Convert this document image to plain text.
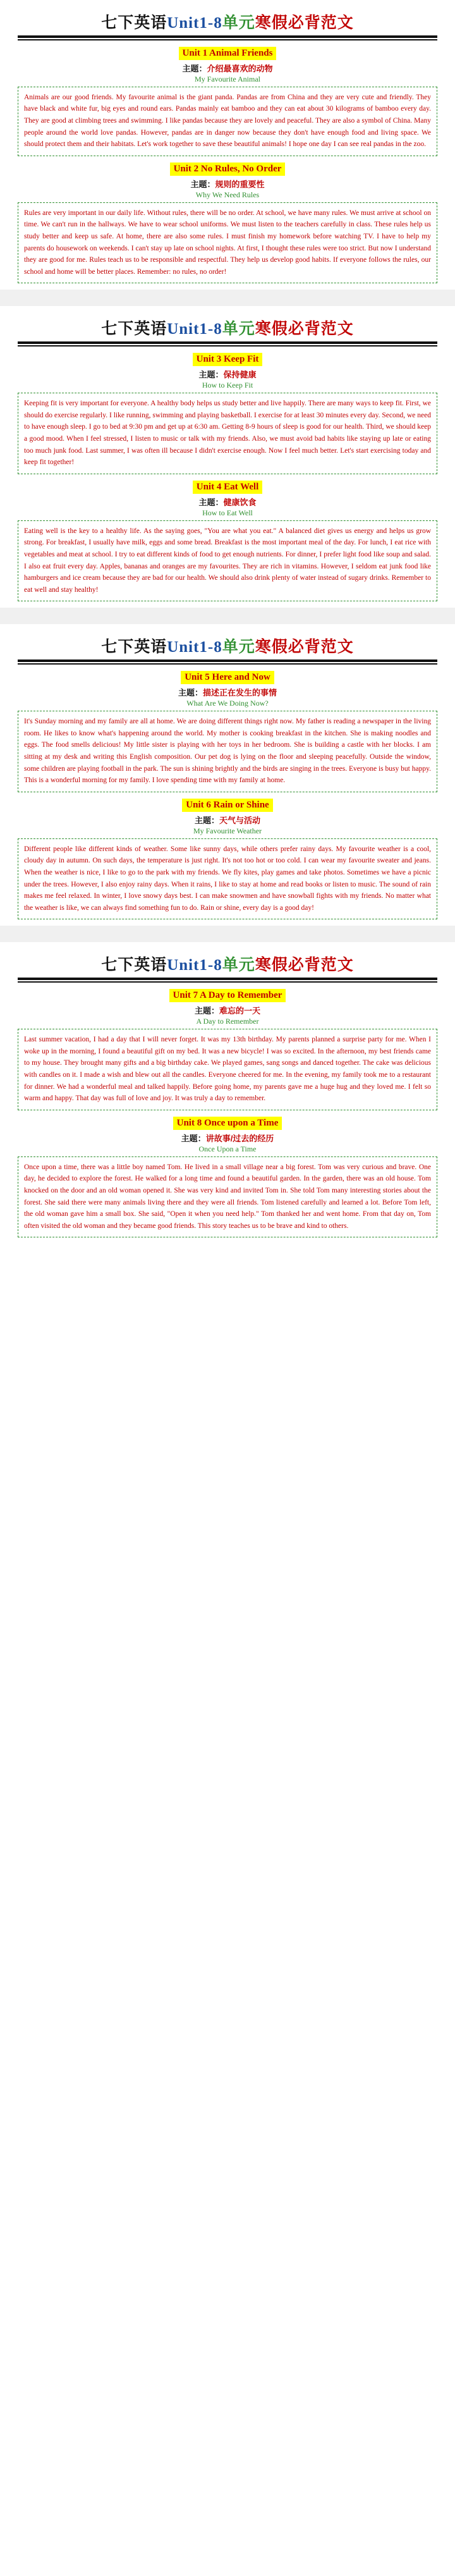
七下英语Unit1-8单元寒假必背范文
Unit 1 Animal Friends
主题：介绍最喜欢的动物
My Favourite Animal

Animals are our good friends. My favourite animal is the giant panda. Pandas are from China and they are very cute and friendly. They have black and white fur, big eyes and round ears. Pandas mainly eat bamboo and they can eat about 30 kilograms of bamboo every day. They are good at climbing trees and swimming. I like pandas because they are lovely and peaceful. They are also a symbol of China. Many people around the world love pandas. However, pandas are in danger now because they don't have enough food and living space. We should protect them and their habitats. Let's work together to save these beautiful animals! I hope one day I can see real pandas in the zoo.

Unit 2 No Rules, No Order
主题：规则的重要性
Why We Need Rules

Rules are very important in our daily life. Without rules, there will be no order. At school, we have many rules. We must arrive at school on time. We can't run in the hallways. We have to wear school uniforms. We must listen to the teachers carefully in class. These rules help us study better and keep us safe. At home, there are also some rules. I must finish my homework before watching TV. I have to help my parents do housework on weekends. I can't stay up late on school nights. At first, I thought these rules were too strict. But now I understand they are good for me. Rules teach us to be responsible and respectful. They help us develop good habits. If everyone follows the rules, our school and home will be better places. Remember: no rules, no order!

七下英语Unit1-8单元寒假必背范文
Unit 3 Keep Fit
主题：保持健康
How to Keep Fit

Keeping fit is very important for everyone. A healthy body helps us study better and live happily. There are many ways to keep fit. First, we should do exercise regularly. I like running, swimming and playing basketball. I exercise for at least 30 minutes every day. Second, we need to have enough sleep. I go to bed at 9:30 pm and get up at 6:30 am. Getting 8-9 hours of sleep is good for our health. Third, we should keep a good mood. When I feel stressed, I listen to music or talk with my friends. Also, we must avoid bad habits like staying up late or eating too much junk food. Last summer, I was often ill because I didn't exercise enough. Now I feel much better. Let's start exercising today and keep fit together!

Unit 4 Eat Well
主题：健康饮食
How to Eat Well

Eating well is the key to a healthy life. As the saying goes, "You are what you eat." A balanced diet gives us energy and helps us grow strong. For breakfast, I usually have milk, eggs and some bread. Breakfast is the most important meal of the day. For lunch, I eat rice with vegetables and meat at school. I try to eat different kinds of food to get enough nutrients. For dinner, I prefer light food like soup and salad. I also eat fruit every day. Apples, bananas and oranges are my favourites. They are rich in vitamins. However, I seldom eat junk food like hamburgers and ice cream because they are bad for our health. We should also drink plenty of water instead of sugary drinks. Remember to eat well and stay healthy!

七下英语Unit1-8单元寒假必背范文
Unit 5 Here and Now
主题：描述正在发生的事情
What Are We Doing Now?

It's Sunday morning and my family are all at home. We are doing different things right now. My father is reading a newspaper in the living room. He likes to know what's happening around the world. My mother is cooking breakfast in the kitchen. She is making noodles and eggs. The food smells delicious! My little sister is playing with her toys in her bedroom. She is building a castle with her blocks. I am sitting at my desk and writing this English composition. Our pet dog is lying on the floor and sleeping peacefully. Outside the window, some children are playing football in the park. The sun is shining brightly and the birds are singing in the trees. Everyone is busy but happy. This is a wonderful morning for my family. I love spending time with my family at home.

Unit 6 Rain or Shine
主题：天气与活动
My Favourite Weather

Different people like different kinds of weather. Some like sunny days, while others prefer rainy days. My favourite weather is a cool, cloudy day in autumn. On such days, the temperature is just right. It's not too hot or too cold. I can wear my favourite sweater and jeans. When the weather is nice, I like to go to the park with my friends. We fly kites, play games and take photos. Sometimes we have a picnic under the trees. However, I also enjoy rainy days. When it rains, I like to stay at home and read books or listen to music. The sound of rain makes me feel relaxed. In winter, I love snowy days best. I can make snowmen and have snowball fights with my friends. No matter what the weather is like, we can always find something fun to do. Rain or shine, every day is a good day!

七下英语Unit1-8单元寒假必背范文
Unit 7 A Day to Remember
主题：难忘的一天
A Day to Remember

Last summer vacation, I had a day that I will never forget. It was my 13th birthday. My parents planned a surprise party for me. When I woke up in the morning, I found a beautiful gift on my bed. It was a new bicycle! I was so excited. In the afternoon, my best friends came to my house. They brought many gifts and a big birthday cake. We played games, sang songs and danced together. The cake was delicious with candles on it. I made a wish and blew out all the candles. Everyone cheered for me. In the evening, my family took me to a restaurant for dinner. We had a wonderful meal and talked happily. Before going home, my parents gave me a huge hug and they loved me. I felt so warm and happy. That day was full of love and joy. It was truly a day to remember.

Unit 8 Once upon a Time
主题：讲故事/过去的经历
Once Upon a Time

Once upon a time, there was a little boy named Tom. He lived in a small village near a big forest. Tom was very curious and brave. One day, he decided to explore the forest. He walked for a long time and found a beautiful garden. In the garden, there was an old house. Tom knocked on the door and an old woman opened it. She was very kind and invited Tom in. She told Tom many interesting stories about the forest. She said there were many animals living there and they were all friends. Tom listened carefully and learned a lot. Before Tom left, the old woman gave him a small box. She said, "Open it when you need help." Tom thanked her and went home. From that day on, Tom often visited the old woman and they became good friends. This story teaches us to be brave and kind to others.
